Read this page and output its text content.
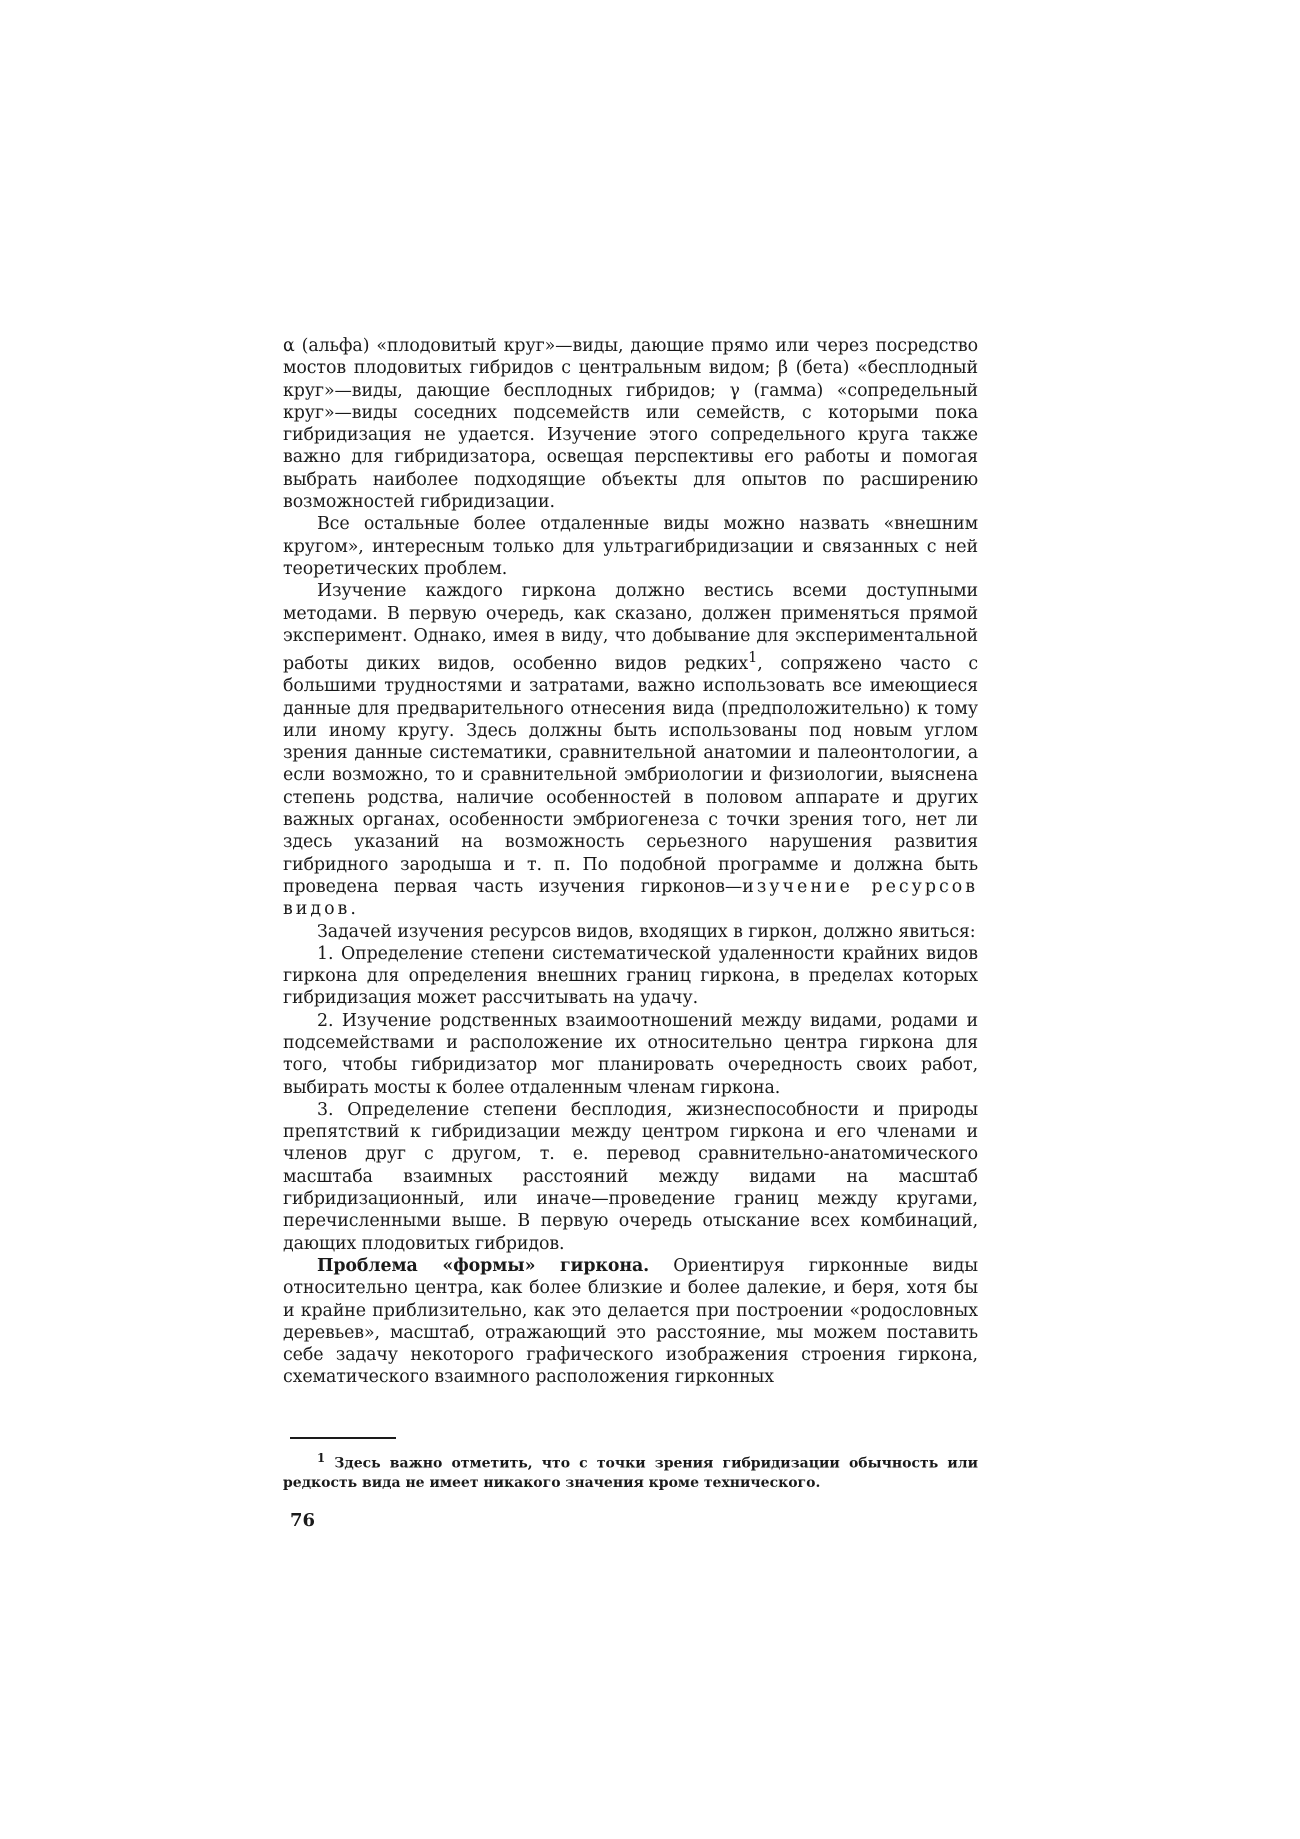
α (альфа) «плодовитый круг»—виды, дающие прямо или через посредство мостов плодовитых гибридов с центральным видом; β (бета) «бесплодный круг»—виды, дающие бесплодных гибридов; γ (гамма) «сопредельный круг»—виды соседних подсемейств или семейств, с которыми пока гибридизация не удается. Изучение этого сопредельного круга также важно для гибридизатора, освещая перспективы его работы и помогая выбрать наиболее подходящие объекты для опытов по расширению возможностей гибридизации.

Все остальные более отдаленные виды можно назвать «внешним кругом», интересным только для ультрагибридизации и связанных с ней теоретических проблем.

Изучение каждого гиркона должно вестись всеми доступными методами. В первую очередь, как сказано, должен применяться прямой эксперимент. Однако, имея в виду, что добывание для экспериментальной работы диких видов, особенно видов редких$^1$, сопряжено часто с большими трудностями и затратами, важно использовать все имеющиеся данные для предварительного отнесения вида (предположительно) к тому или иному кругу. Здесь должны быть использованы под новым углом зрения данные систематики, сравнительной анатомии и палеонтологии, а если возможно, то и сравнительной эмбриологии и физиологии, выяснена степень родства, наличие особенностей в половом аппарате и других важных органах, особенности эмбриогенеза с точки зрения того, нет ли здесь указаний на возможность серьезного нарушения развития гибридного зародыша и т. п. По подобной программе и должна быть проведена первая часть изучения гирконов—изучение ресурсов видов.

Задачей изучения ресурсов видов, входящих в гиркон, должно явиться:

1. Определение степени систематической удаленности крайних видов гиркона для определения внешних границ гиркона, в пределах которых гибридизация может рассчитывать на удачу.

2. Изучение родственных взаимоотношений между видами, родами и подсемействами и расположение их относительно центра гиркона для того, чтобы гибридизатор мог планировать очередность своих работ, выбирать мосты к более отдаленным членам гиркона.

3. Определение степени бесплодия, жизнеспособности и природы препятствий к гибридизации между центром гиркона и его членами и членов друг с другом, т. е. перевод сравнительно-анатомического масштаба взаимных расстояний между видами на масштаб гибридизационный, или иначе—проведение границ между кругами, перечисленными выше. В первую очередь отыскание всех комбинаций, дающих плодовитых гибридов.

Проблема «формы» гиркона. Ориентируя гирконные виды относительно центра, как более близкие и более далекие, и беря, хотя бы и крайне приблизительно, как это делается при построении «родословных деревьев», масштаб, отражающий это расстояние, мы можем поставить себе задачу некоторого графического изображения строения гиркона, схематического взаимного расположения гирконных

$^1$ Здесь важно отметить, что с точки зрения гибридизации обычность или редкость вида не имеет никакого значения кроме технического.

76
